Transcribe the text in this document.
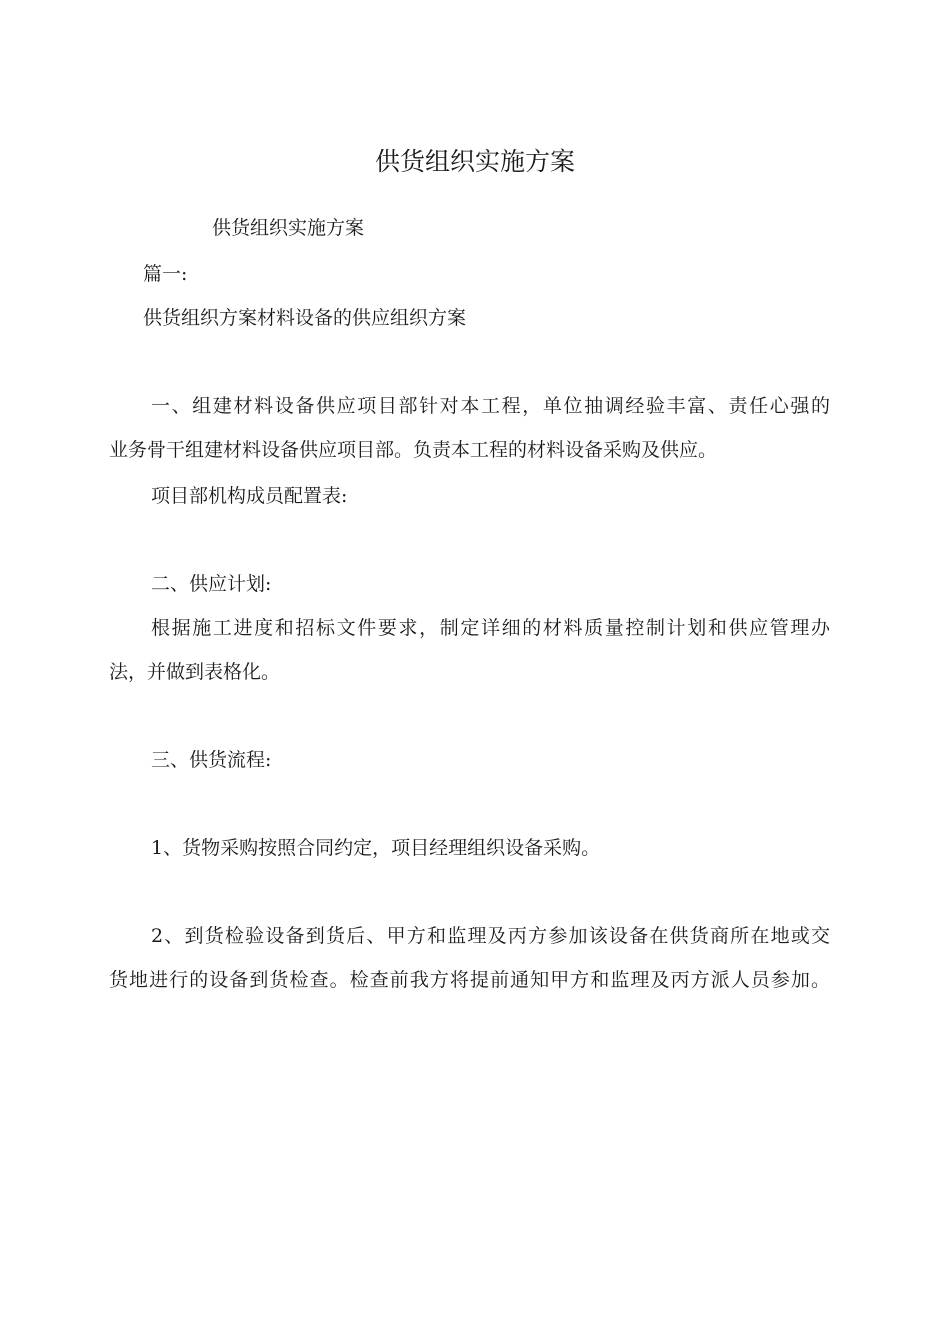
供货组织实施方案
供货组织实施方案
篇一:
供货组织方案材料设备的供应组织方案
一、组建材料设备供应项目部针对本工程，单位抽调经验丰富、责任心强的
业务骨干组建材料设备供应项目部。负责本工程的材料设备采购及供应。
项目部机构成员配置表:
二、供应计划:
根据施工进度和招标文件要求，制定详细的材料质量控制计划和供应管理办
法，并做到表格化。
三、供货流程:
1、货物采购按照合同约定，项目经理组织设备采购。
2、到货检验设备到货后、甲方和监理及丙方参加该设备在供货商所在地或交
货地进行的设备到货检查。检查前我方将提前通知甲方和监理及丙方派人员参加。
